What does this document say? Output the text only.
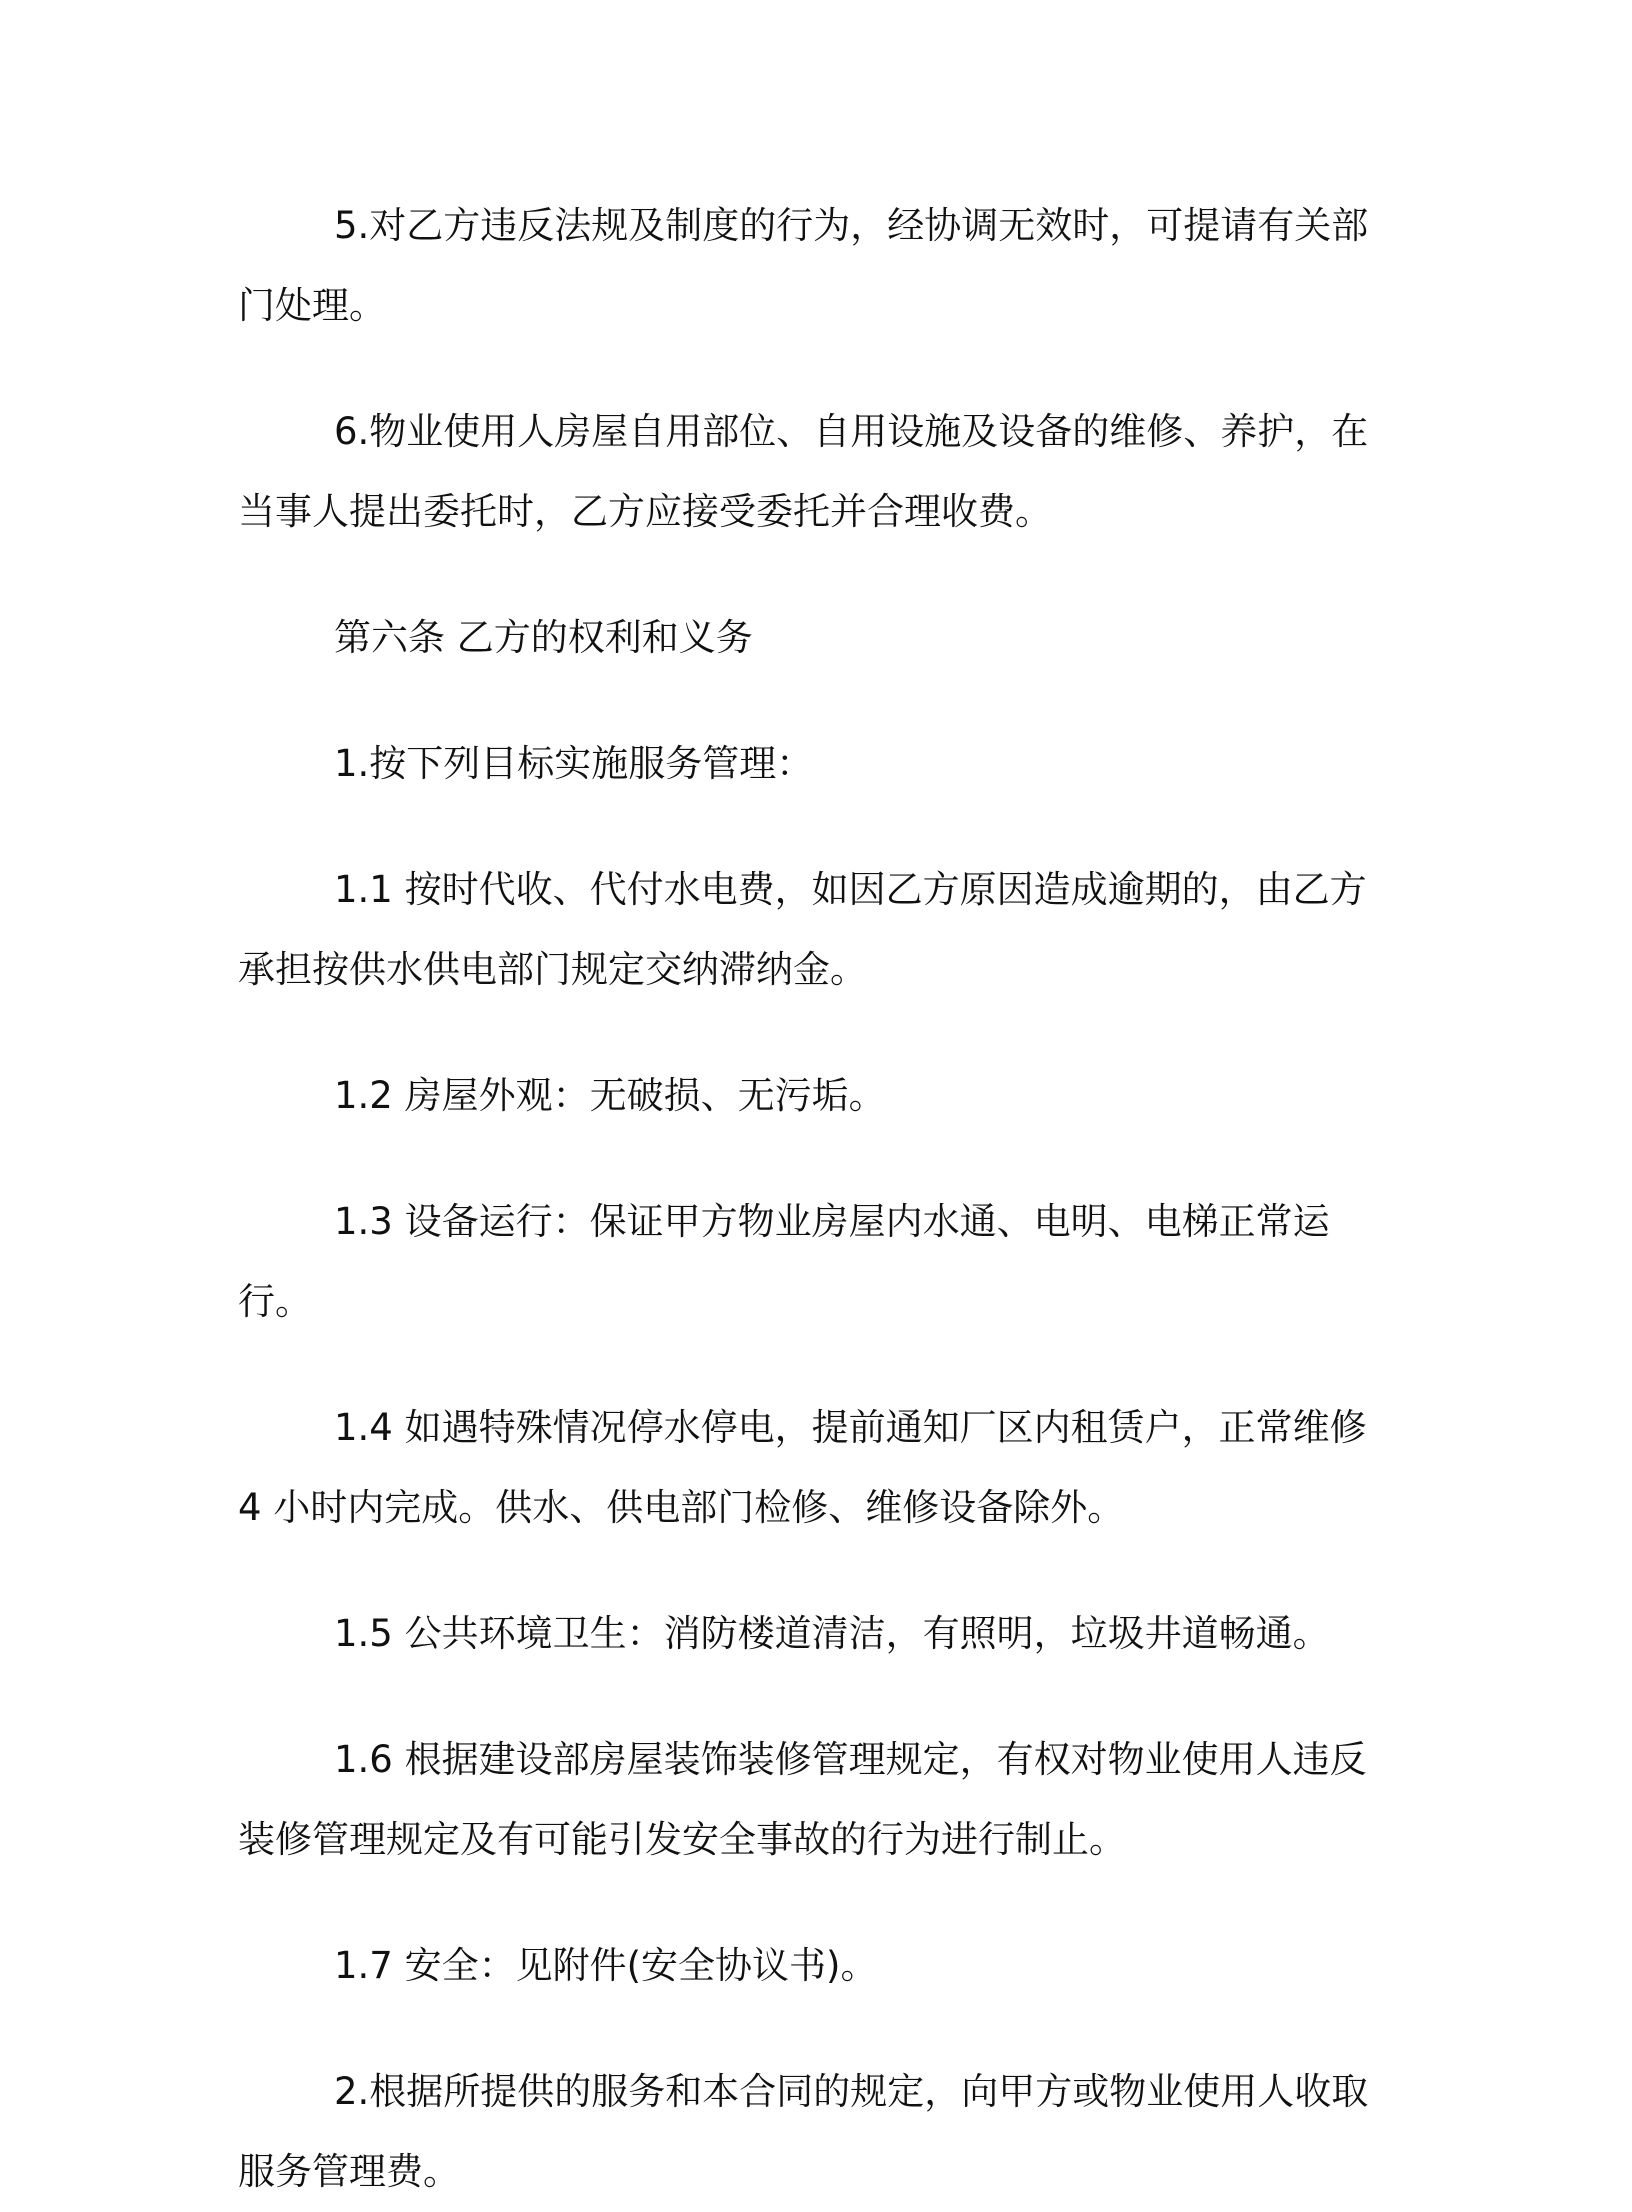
5.对乙方违反法规及制度的行为，经协调无效时，可提请有关部门处理。

6.物业使用人房屋自用部位、自用设施及设备的维修、养护，在当事人提出委托时，乙方应接受委托并合理收费。

第六条 乙方的权利和义务

1.按下列目标实施服务管理：

1.1 按时代收、代付水电费，如因乙方原因造成逾期的，由乙方承担按供水供电部门规定交纳滞纳金。

1.2 房屋外观：无破损、无污垢。

1.3 设备运行：保证甲方物业房屋内水通、电明、电梯正常运行。

1.4 如遇特殊情况停水停电，提前通知厂区内租赁户，正常维修4 小时内完成。供水、供电部门检修、维修设备除外。

1.5 公共环境卫生：消防楼道清洁，有照明，垃圾井道畅通。

1.6 根据建设部房屋装饰装修管理规定，有权对物业使用人违反装修管理规定及有可能引发安全事故的行为进行制止。

1.7 安全：见附件(安全协议书)。

2.根据所提供的服务和本合同的规定，向甲方或物业使用人收取服务管理费。
